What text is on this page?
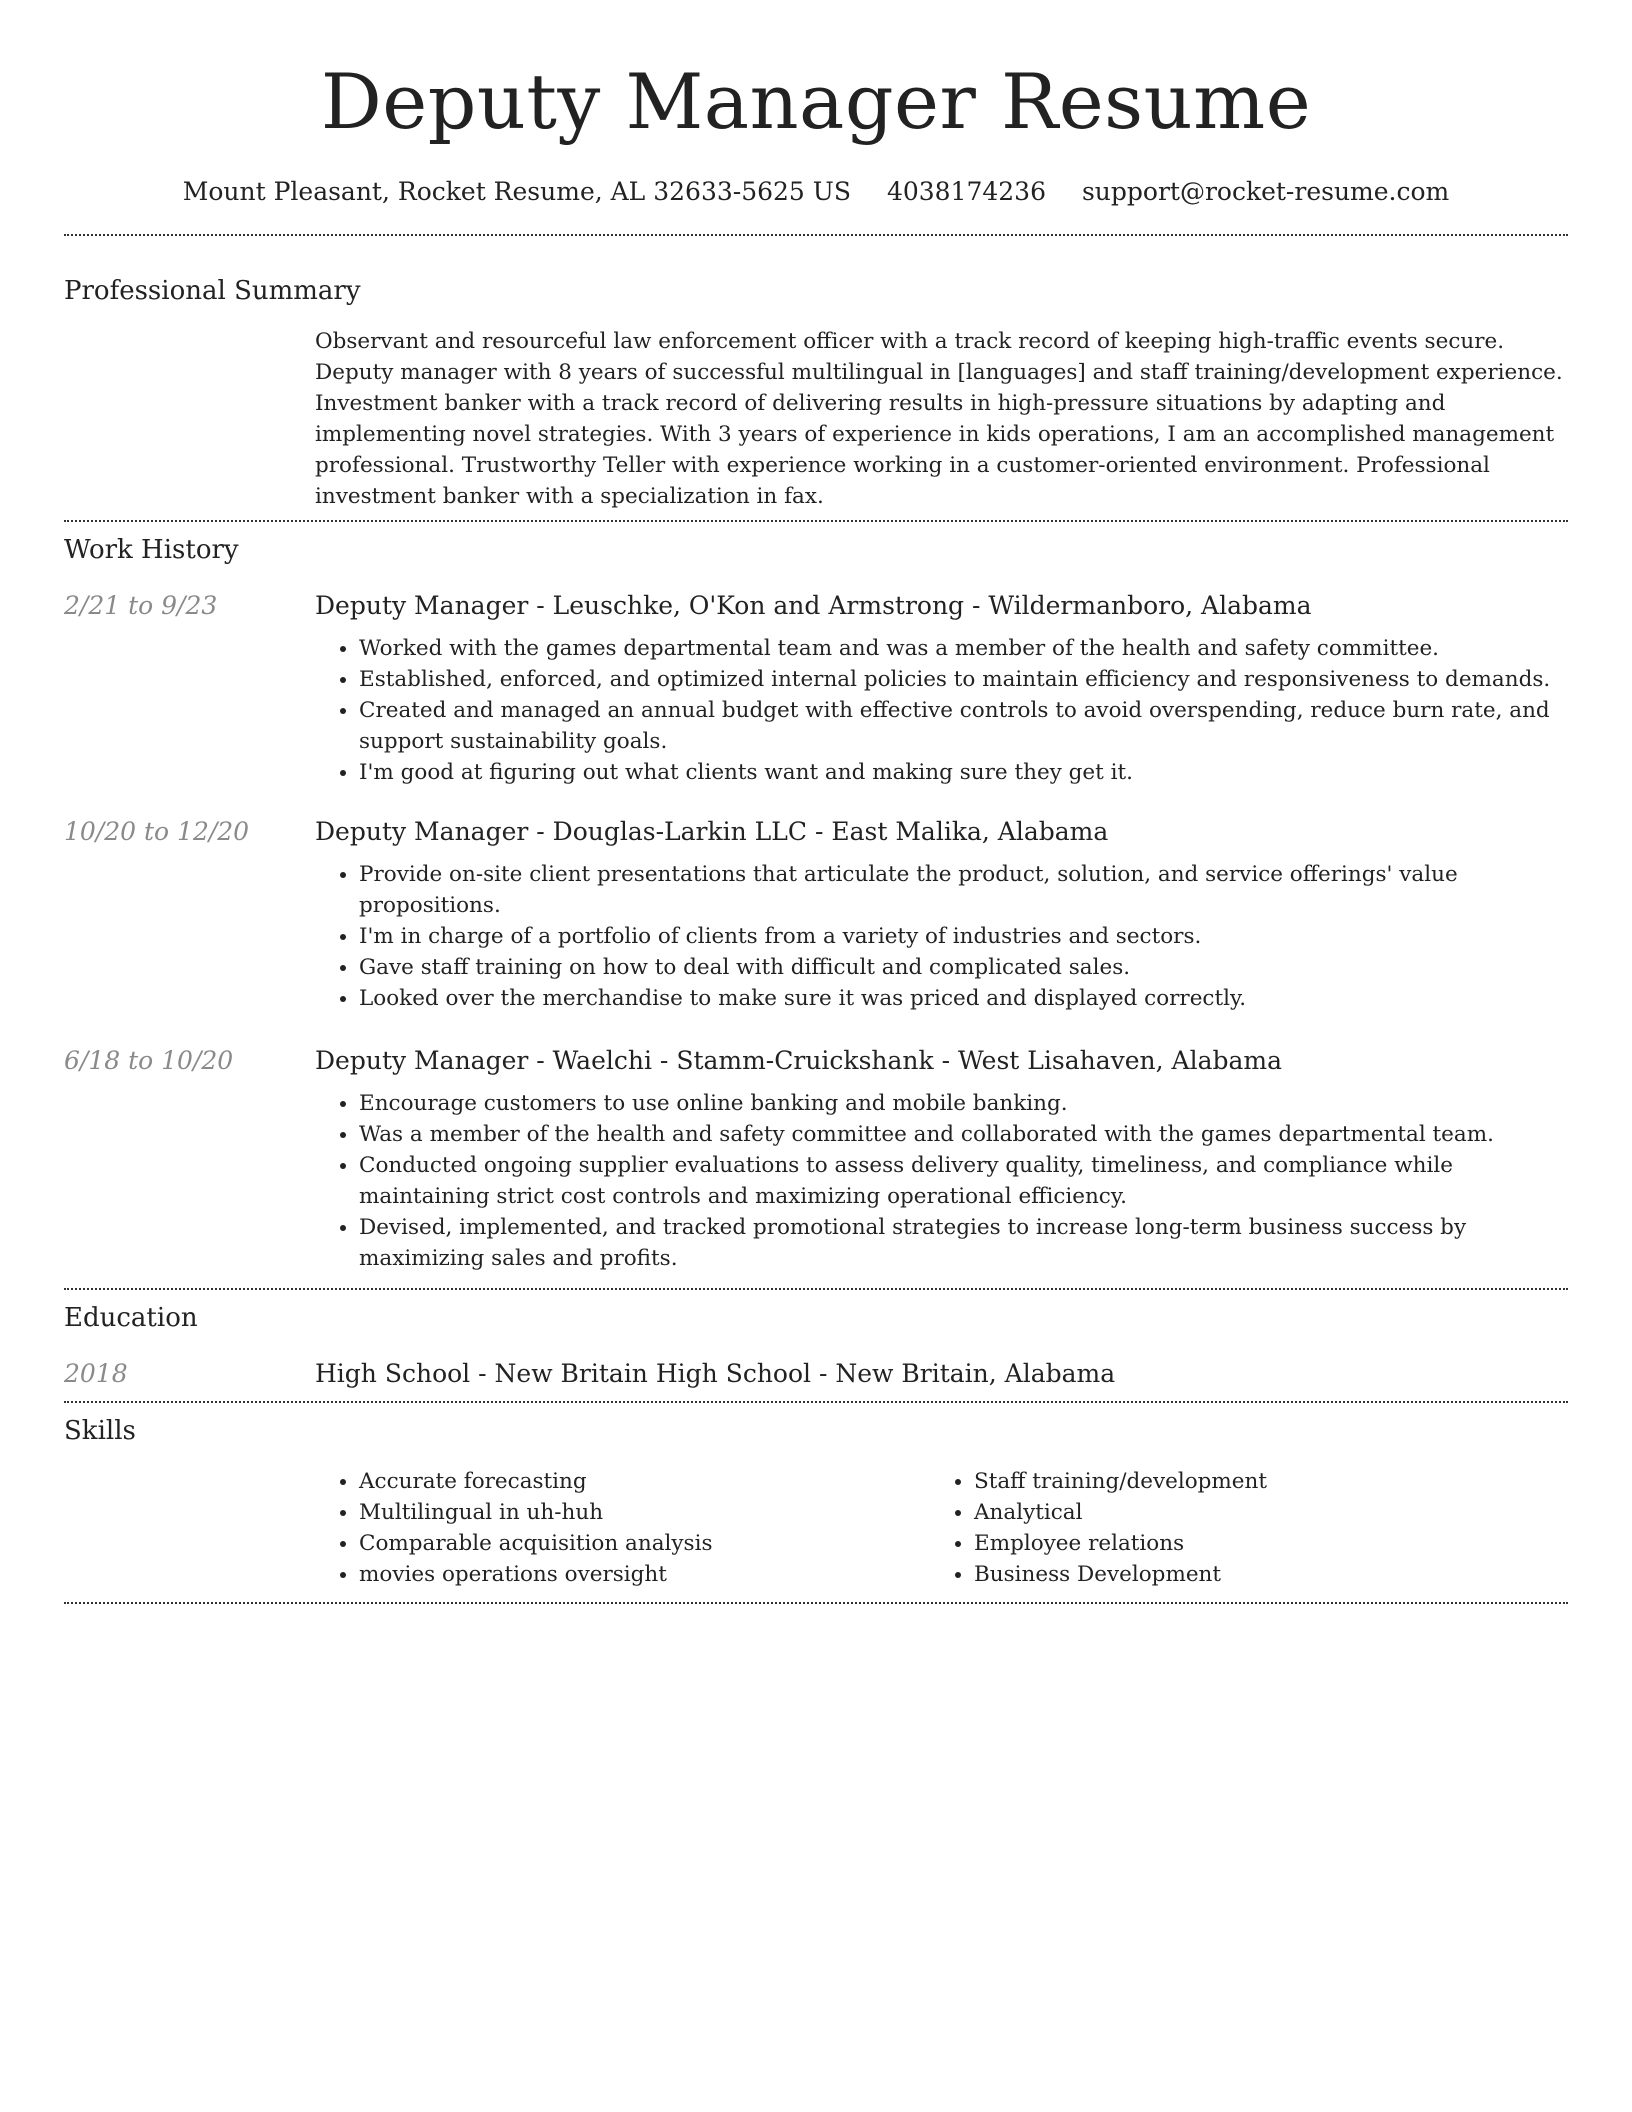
Deputy Manager Resume
Mount Pleasant, Rocket Resume, AL 32633-5625 US 4038174236 support@rocket-resume.com
Professional Summary

Observant and resourceful law enforcement officer with a track record of keeping high-traffic events secure. Deputy manager with 8 years of successful multilingual in [languages] and staff training/development experience. Investment banker with a track record of delivering results in high-pressure situations by adapting and implementing novel strategies. With 3 years of experience in kids operations, I am an accomplished management professional. Trustworthy Teller with experience working in a customer-oriented environment. Professional investment banker with a specialization in fax.

Work History
2/21 to 9/23	Deputy Manager - Leuschke, O'Kon and Armstrong - Wildermanboro, Alabama
• Worked with the games departmental team and was a member of the health and safety committee.
• Established, enforced, and optimized internal policies to maintain efficiency and responsiveness to demands.
• Created and managed an annual budget with effective controls to avoid overspending, reduce burn rate, and support sustainability goals.
• I'm good at figuring out what clients want and making sure they get it.
10/20 to 12/20	Deputy Manager - Douglas-Larkin LLC - East Malika, Alabama
• Provide on-site client presentations that articulate the product, solution, and service offerings' value propositions.
• I'm in charge of a portfolio of clients from a variety of industries and sectors.
• Gave staff training on how to deal with difficult and complicated sales.
• Looked over the merchandise to make sure it was priced and displayed correctly.
6/18 to 10/20	Deputy Manager - Waelchi - Stamm-Cruickshank - West Lisahaven, Alabama
• Encourage customers to use online banking and mobile banking.
• Was a member of the health and safety committee and collaborated with the games departmental team.
• Conducted ongoing supplier evaluations to assess delivery quality, timeliness, and compliance while maintaining strict cost controls and maximizing operational efficiency.
• Devised, implemented, and tracked promotional strategies to increase long-term business success by maximizing sales and profits.
Education
2018	High School - New Britain High School - New Britain, Alabama
Skills
• Accurate forecasting
• Multilingual in uh-huh
• Comparable acquisition analysis
• movies operations oversight
• Staff training/development
• Analytical
• Employee relations
• Business Development
